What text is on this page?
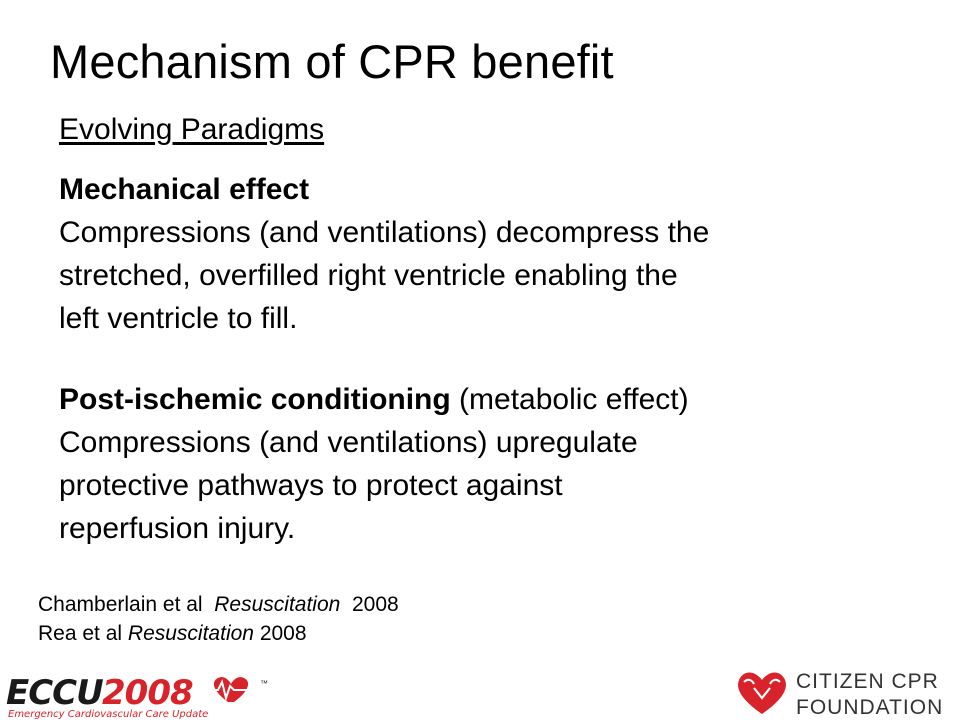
Mechanism of CPR benefit
Evolving Paradigms
Mechanical effect
Compressions (and ventilations) decompress the
stretched, overfilled right ventricle enabling the
left ventricle to fill.
Post-ischemic conditioning (metabolic effect)
Compressions (and ventilations) upregulate
protective pathways to protect against
reperfusion injury.
Chamberlain et al Resuscitation 2008
Rea et al Resuscitation 2008
ECCU 2008	™
Emergency Cardiovascular Care Update
CITIZEN CPR
FOUNDATION
